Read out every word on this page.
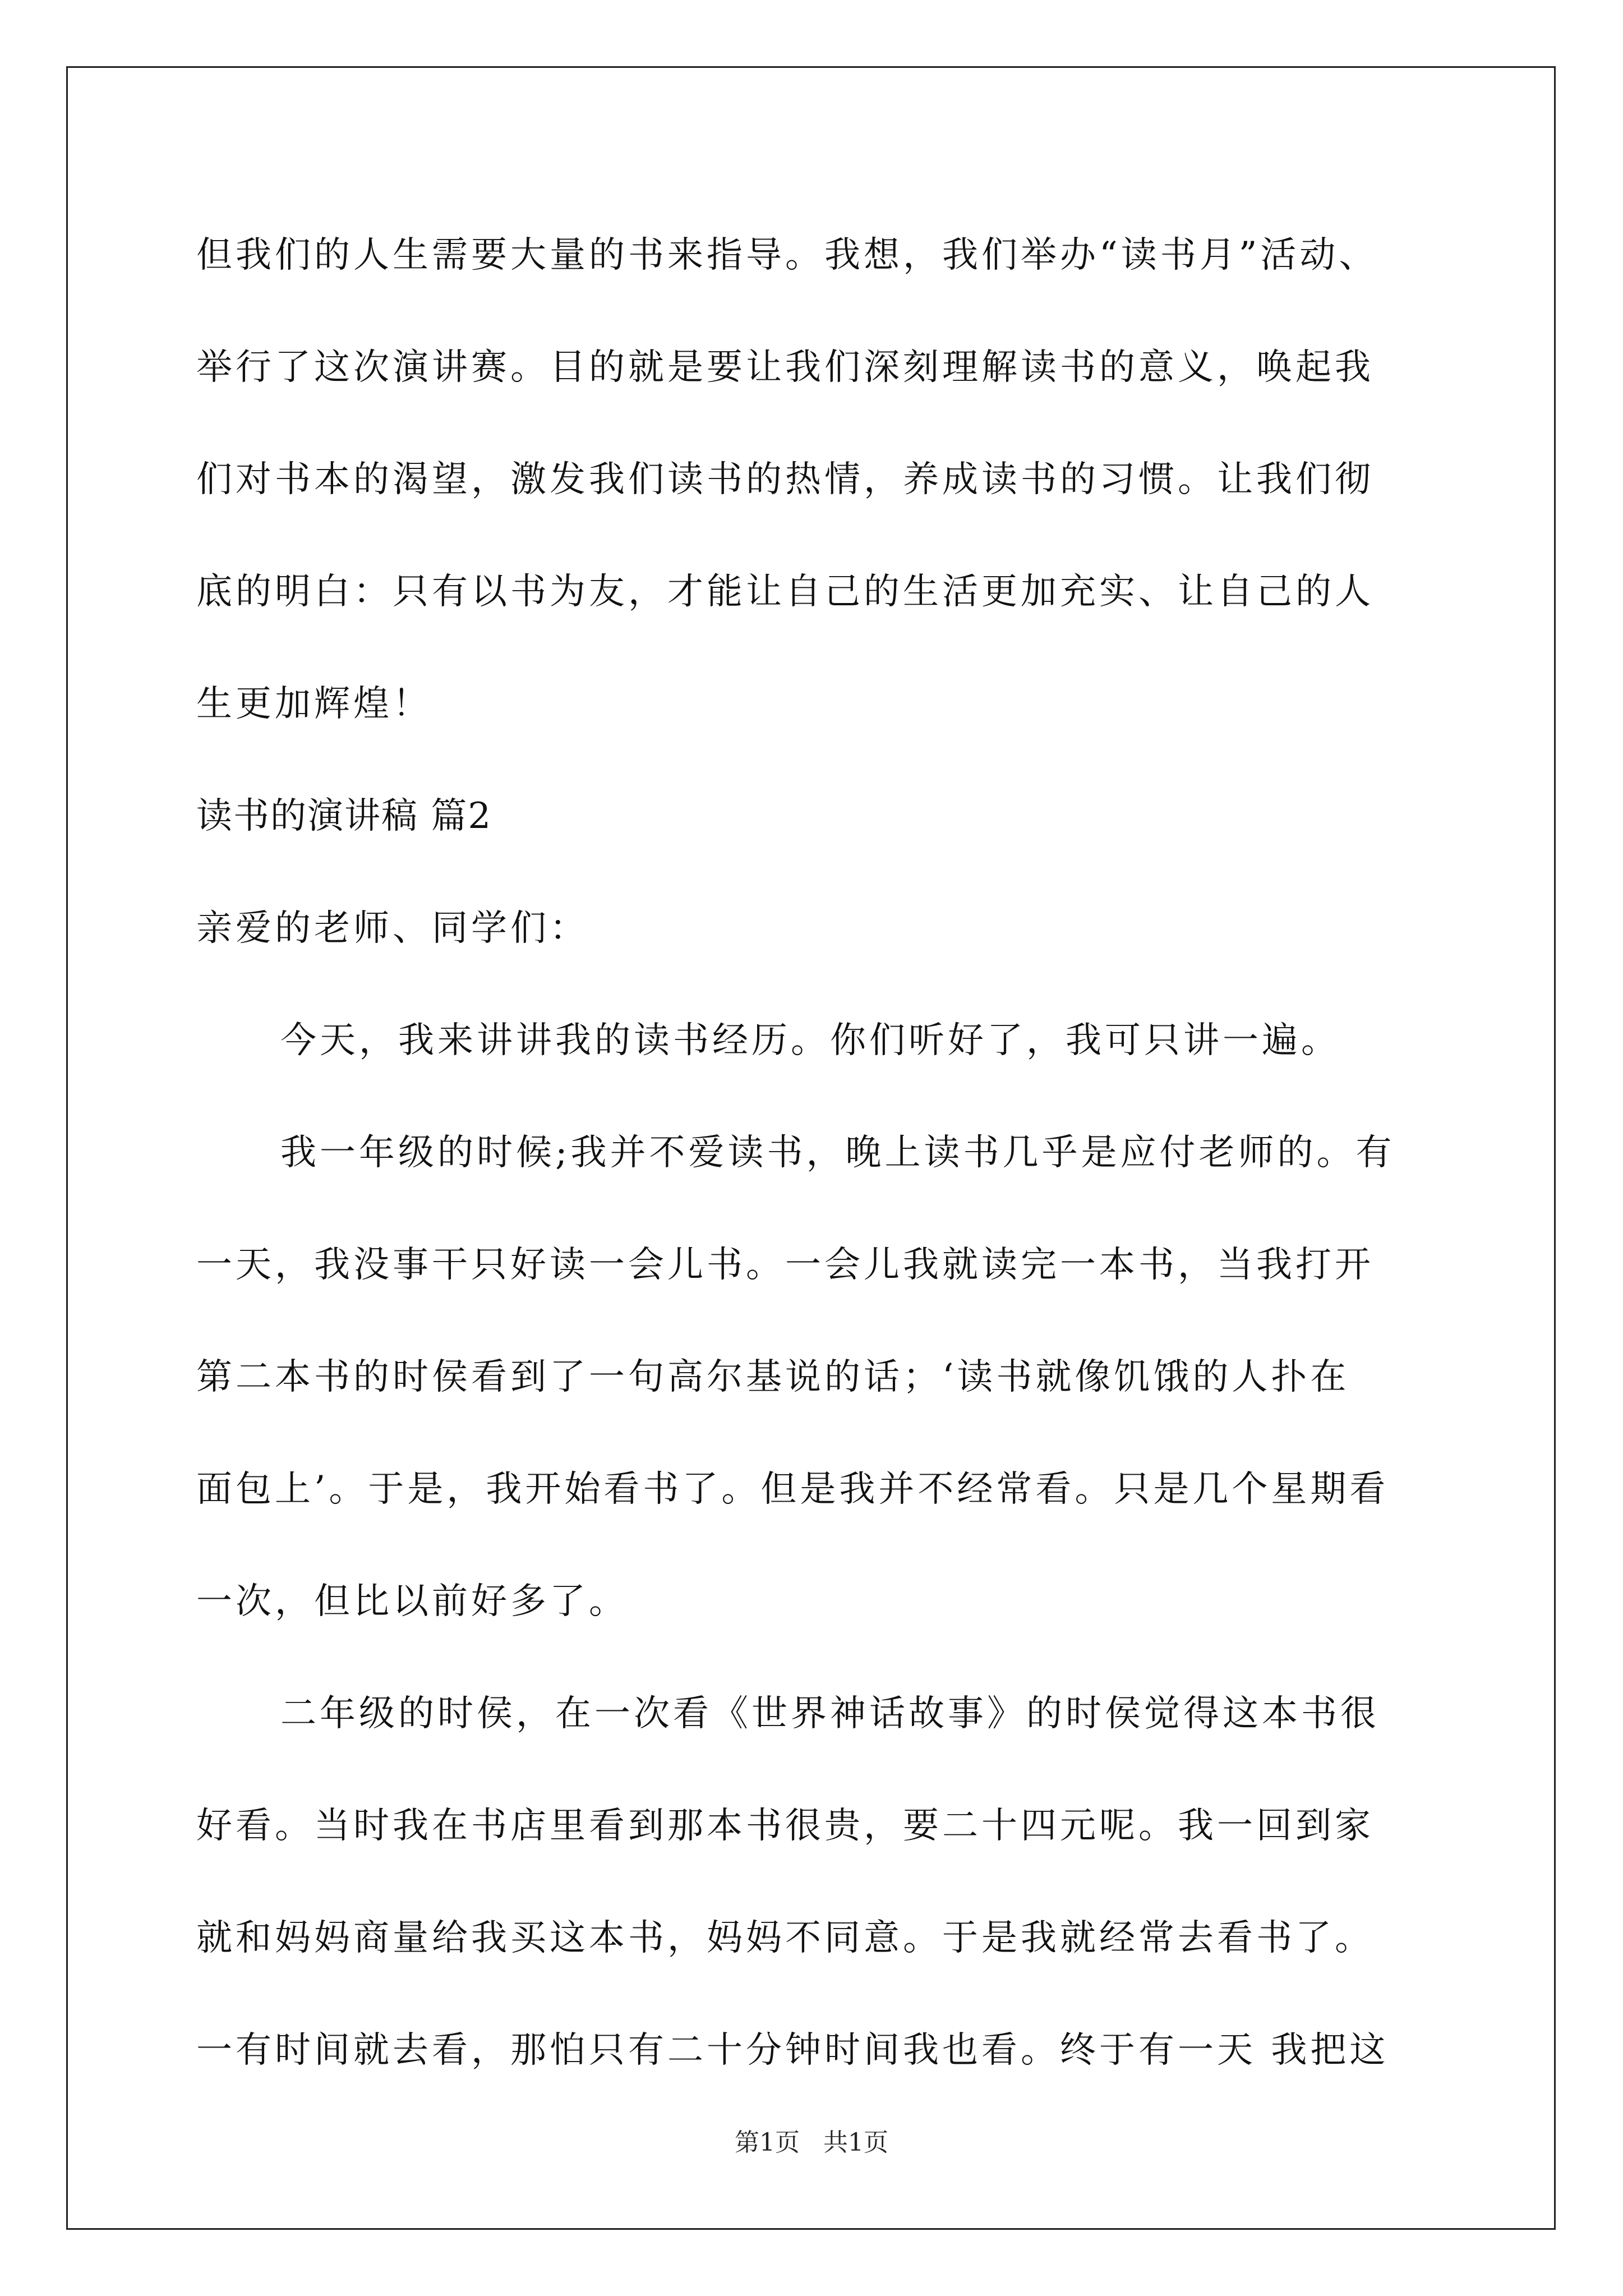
但我们的人生需要大量的书来指导。我想，我们举办“读书月”活动、
举行了这次演讲赛。目的就是要让我们深刻理解读书的意义，唤起我
们对书本的渴望，激发我们读书的热情，养成读书的习惯。让我们彻
底的明白：只有以书为友，才能让自己的生活更加充实、让自己的人
生更加辉煌！
读书的演讲稿 篇2
亲爱的老师、同学们：
今天，我来讲讲我的读书经历。你们听好了，我可只讲一遍。
我一年级的时候;我并不爱读书，晚上读书几乎是应付老师的。有
一天，我没事干只好读一会儿书。一会儿我就读完一本书，当我打开
第二本书的时侯看到了一句高尔基说的话；‘读书就像饥饿的人扑在
面包上’。于是，我开始看书了。但是我并不经常看。只是几个星期看
一次，但比以前好多了。
二年级的时侯，在一次看《世界神话故事》的时侯觉得这本书很
好看。当时我在书店里看到那本书很贵，要二十四元呢。我一回到家
就和妈妈商量给我买这本书，妈妈不同意。于是我就经常去看书了。
一有时间就去看，那怕只有二十分钟时间我也看。终于有一天 我把这
第1页 共1页
